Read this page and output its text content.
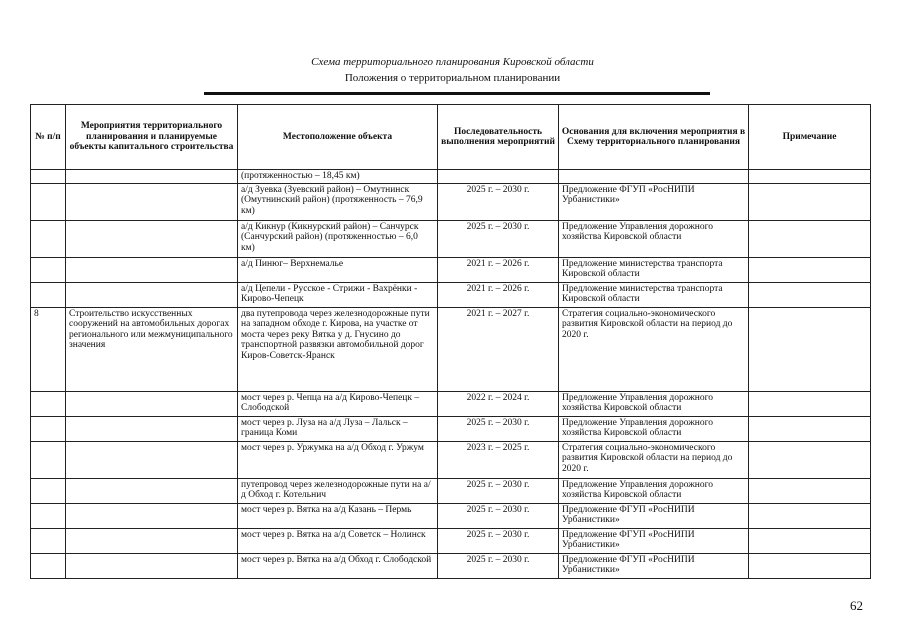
Схема территориального планирования Кировской области
Положения о территориальном планировании
№ п/п	Мероприятия территориального планирования и планируемые объекты капитального строительства	Местоположение объекта	Последовательность выполнения мероприятий	Основания для включения мероприятия в Схему территориального планирования	Примечание
		(протяженностью – 18,45 км)			
		а/д Зуевка (Зуевский район) – Омутнинск (Омутнинский район) (протяженность – 76,9 км)	2025 г. – 2030 г.	Предложение ФГУП «РосНИПИ Урбанистики»	
		а/д Кикнур (Кикнурский район) – Санчурск (Санчурский район) (протяженностью – 6,0 км)	2025 г. – 2030 г.	Предложение Управления дорожного хозяйства Кировской области	
		а/д Пинюг– Верхнемалье	2021 г. – 2026 г.	Предложение министерства транспорта Кировской области	
		а/д Цепели - Русское - Стрижи - Вахрёнки - Кирово-Чепецк	2021 г. – 2026 г.	Предложение министерства транспорта Кировской области	
8	Строительство искусственных сооружений на автомобильных дорогах регионального или межмуниципального значения	два путепровода через железнодорожные пути на западном обходе г. Кирова, на участке от моста через реку Вятка у д. Гнусино до транспортной развязки автомобильной дорог Киров-Советск-Яранск	2021 г. – 2027 г.	Стратегия социально-экономического развития Кировской области на период до 2020 г.	
		мост через р. Чепца на а/д Кирово-Чепецк – Слободской	2022 г. – 2024 г.	Предложение Управления дорожного хозяйства Кировской области	
		мост через р. Луза на а/д Луза – Лальск – граница Коми	2025 г. – 2030 г.	Предложение Управления дорожного хозяйства Кировской области	
		мост через р. Уржумка на а/д Обход г. Уржум	2023 г. – 2025 г.	Стратегия социально-экономического развития Кировской области на период до 2020 г.	
		путепровод через железнодорожные пути на а/д Обход г. Котельнич	2025 г. – 2030 г.	Предложение Управления дорожного хозяйства Кировской области	
		мост через р. Вятка на а/д Казань – Пермь	2025 г. – 2030 г.	Предложение ФГУП «РосНИПИ Урбанистики»	
		мост через р. Вятка на а/д Советск – Нолинск	2025 г. – 2030 г.	Предложение ФГУП «РосНИПИ Урбанистики»	
		мост через р. Вятка на а/д Обход г. Слободской	2025 г. – 2030 г.	Предложение ФГУП «РосНИПИ Урбанистики»	
62
